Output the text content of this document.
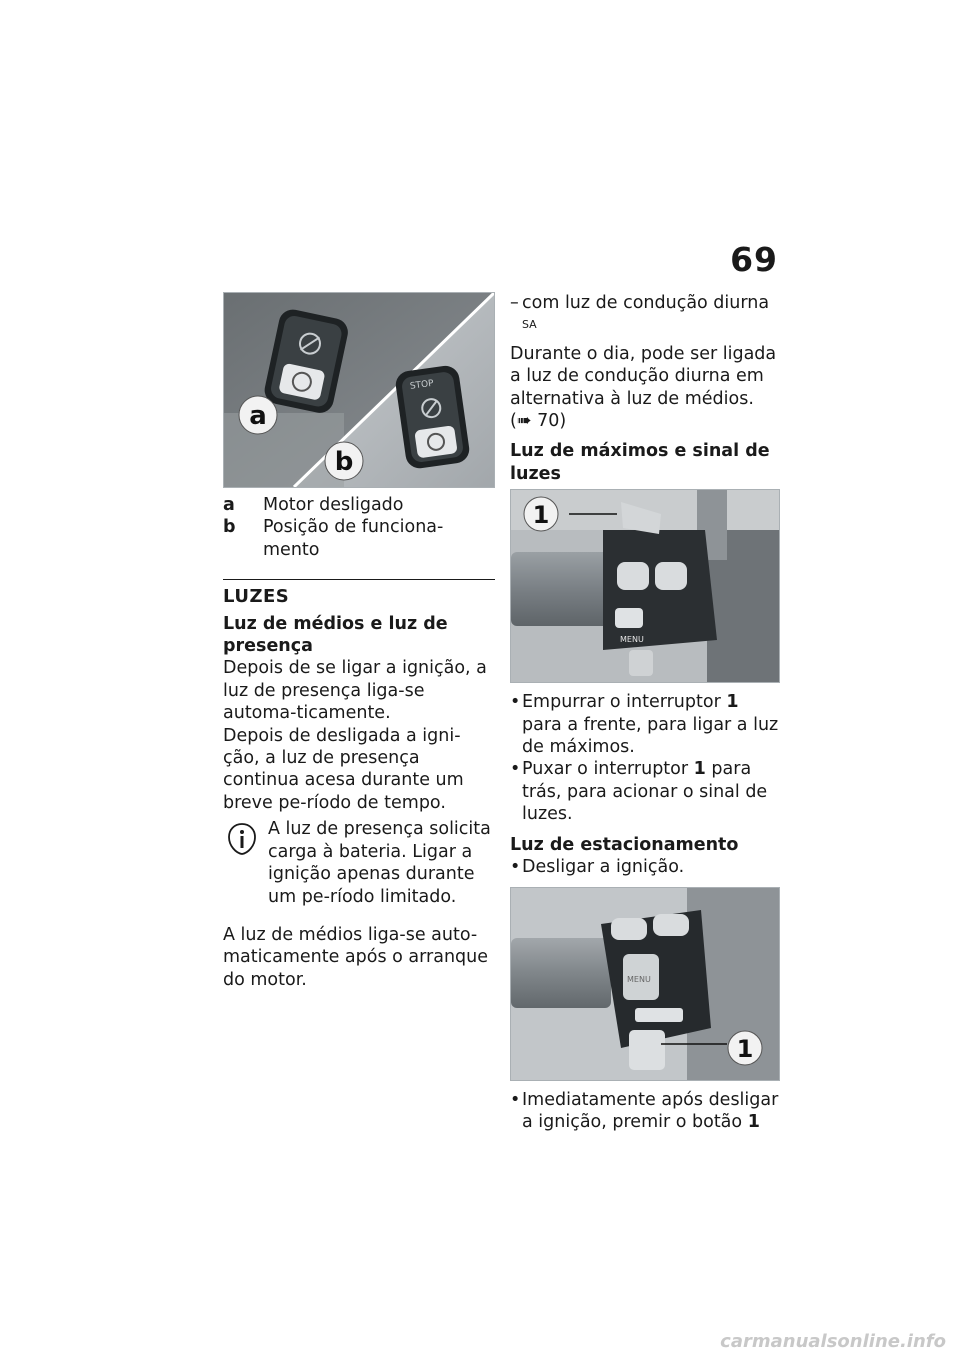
69
STOP
a
b
a	Motor desligado
b	Posição de funciona-mento
LUZES
Luz de médios e luz de presença

Depois de se ligar a ignição, a luz de presença liga-se automa-ticamente.

Depois de desligada a igni-ção, a luz de presença continua acesa durante um breve pe-ríodo de tempo.

A luz de presença solicita carga à bateria. Ligar a ignição apenas durante um pe-ríodo limitado.

A luz de médios liga-se auto-maticamente após o arranque do motor.

– com luz de condução diurna $^{SA}$

Durante o dia, pode ser ligada a luz de condução diurna em alternativa à luz de médios.
(➠ 70)

Luz de máximos e sinal de luzes
MENU
1
• Empurrar o interruptor 1 para a frente, para ligar a luz de máximos.
• Puxar o interruptor 1 para trás, para acionar o sinal de luzes.
Luz de estacionamento
• Desligar a ignição.
MENU
1
• Imediatamente após desligar a ignição, premir o botão 1
carmanualsonline.info
